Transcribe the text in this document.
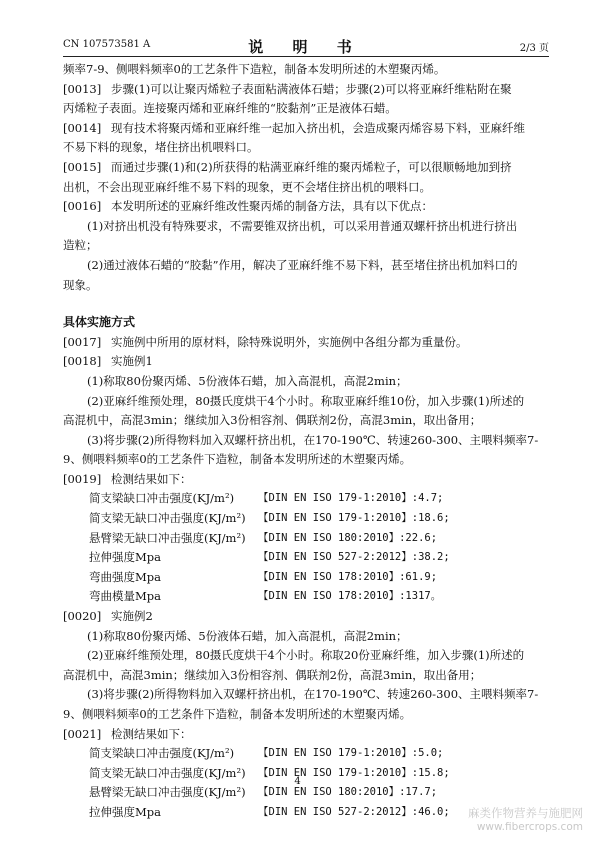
CN 107573581 A	说 明 书	2/3 页
频率7-9、侧喂料频率0的工艺条件下造粒，制备本发明所述的木塑聚丙烯。
[0013] 步骤(1)可以让聚丙烯粒子表面粘满液体石蜡；步骤(2)可以将亚麻纤维粘附在聚
丙烯粒子表面。连接聚丙烯和亚麻纤维的“胶黏剂”正是液体石蜡。
[0014] 现有技术将聚丙烯和亚麻纤维一起加入挤出机，会造成聚丙烯容易下料，亚麻纤维
不易下料的现象，堵住挤出机喂料口。
[0015] 而通过步骤(1)和(2)所获得的粘满亚麻纤维的聚丙烯粒子，可以很顺畅地加到挤
出机，不会出现亚麻纤维不易下料的现象，更不会堵住挤出机的喂料口。
[0016] 本发明所述的亚麻纤维改性聚丙烯的制备方法，具有以下优点：
(1)对挤出机没有特殊要求，不需要锥双挤出机，可以采用普通双螺杆挤出机进行挤出
造粒；
(2)通过液体石蜡的“胶黏”作用，解决了亚麻纤维不易下料，甚至堵住挤出机加料口的
现象。
具体实施方式
[0017] 实施例中所用的原材料，除特殊说明外，实施例中各组分都为重量份。
[0018] 实施例1
(1)称取80份聚丙烯、5份液体石蜡，加入高混机，高混2min；
(2)亚麻纤维预处理，80摄氏度烘干4个小时。称取亚麻纤维10份，加入步骤(1)所述的
高混机中，高混3min；继续加入3份相容剂、偶联剂2份，高混3min，取出备用；
(3)将步骤(2)所得物料加入双螺杆挤出机，在170-190℃、转速260-300、主喂料频率7-
9、侧喂料频率0的工艺条件下造粒，制备本发明所述的木塑聚丙烯。
[0019] 检测结果如下：
简支梁缺口冲击强度(KJ/m²) 【DIN EN ISO 179-1:2010】:4.7;
简支梁无缺口冲击强度(KJ/m²) 【DIN EN ISO 179-1:2010】:18.6;
悬臂梁无缺口冲击强度(KJ/m²) 【DIN EN ISO 180:2010】:22.6;
拉伸强度Mpa	【DIN EN ISO 527-2:2012】:38.2;
弯曲强度Mpa	【DIN EN ISO 178:2010】:61.9;
弯曲模量Mpa	【DIN EN ISO 178:2010】:1317。
[0020] 实施例2
(1)称取80份聚丙烯、5份液体石蜡，加入高混机，高混2min；
(2)亚麻纤维预处理，80摄氏度烘干4个小时。称取20份亚麻纤维，加入步骤(1)所述的
高混机中，高混3min；继续加入3份相容剂、偶联剂2份，高混3min，取出备用；
(3)将步骤(2)所得物料加入双螺杆挤出机，在170-190℃、转速260-300、主喂料频率7-
9、侧喂料频率0的工艺条件下造粒，制备本发明所述的木塑聚丙烯。
[0021] 检测结果如下：
简支梁缺口冲击强度(KJ/m²) 【DIN EN ISO 179-1:2010】:5.0;
简支梁无缺口冲击强度(KJ/m²) 【DIN EN ISO 179-1:2010】:15.8;
悬臂梁无缺口冲击强度(KJ/m²) 【DIN EN ISO 180:2010】:17.7;
拉伸强度Mpa	【DIN EN ISO 527-2:2012】:46.0;
4
麻类作物营养与施肥网
www.fibercrops.com
